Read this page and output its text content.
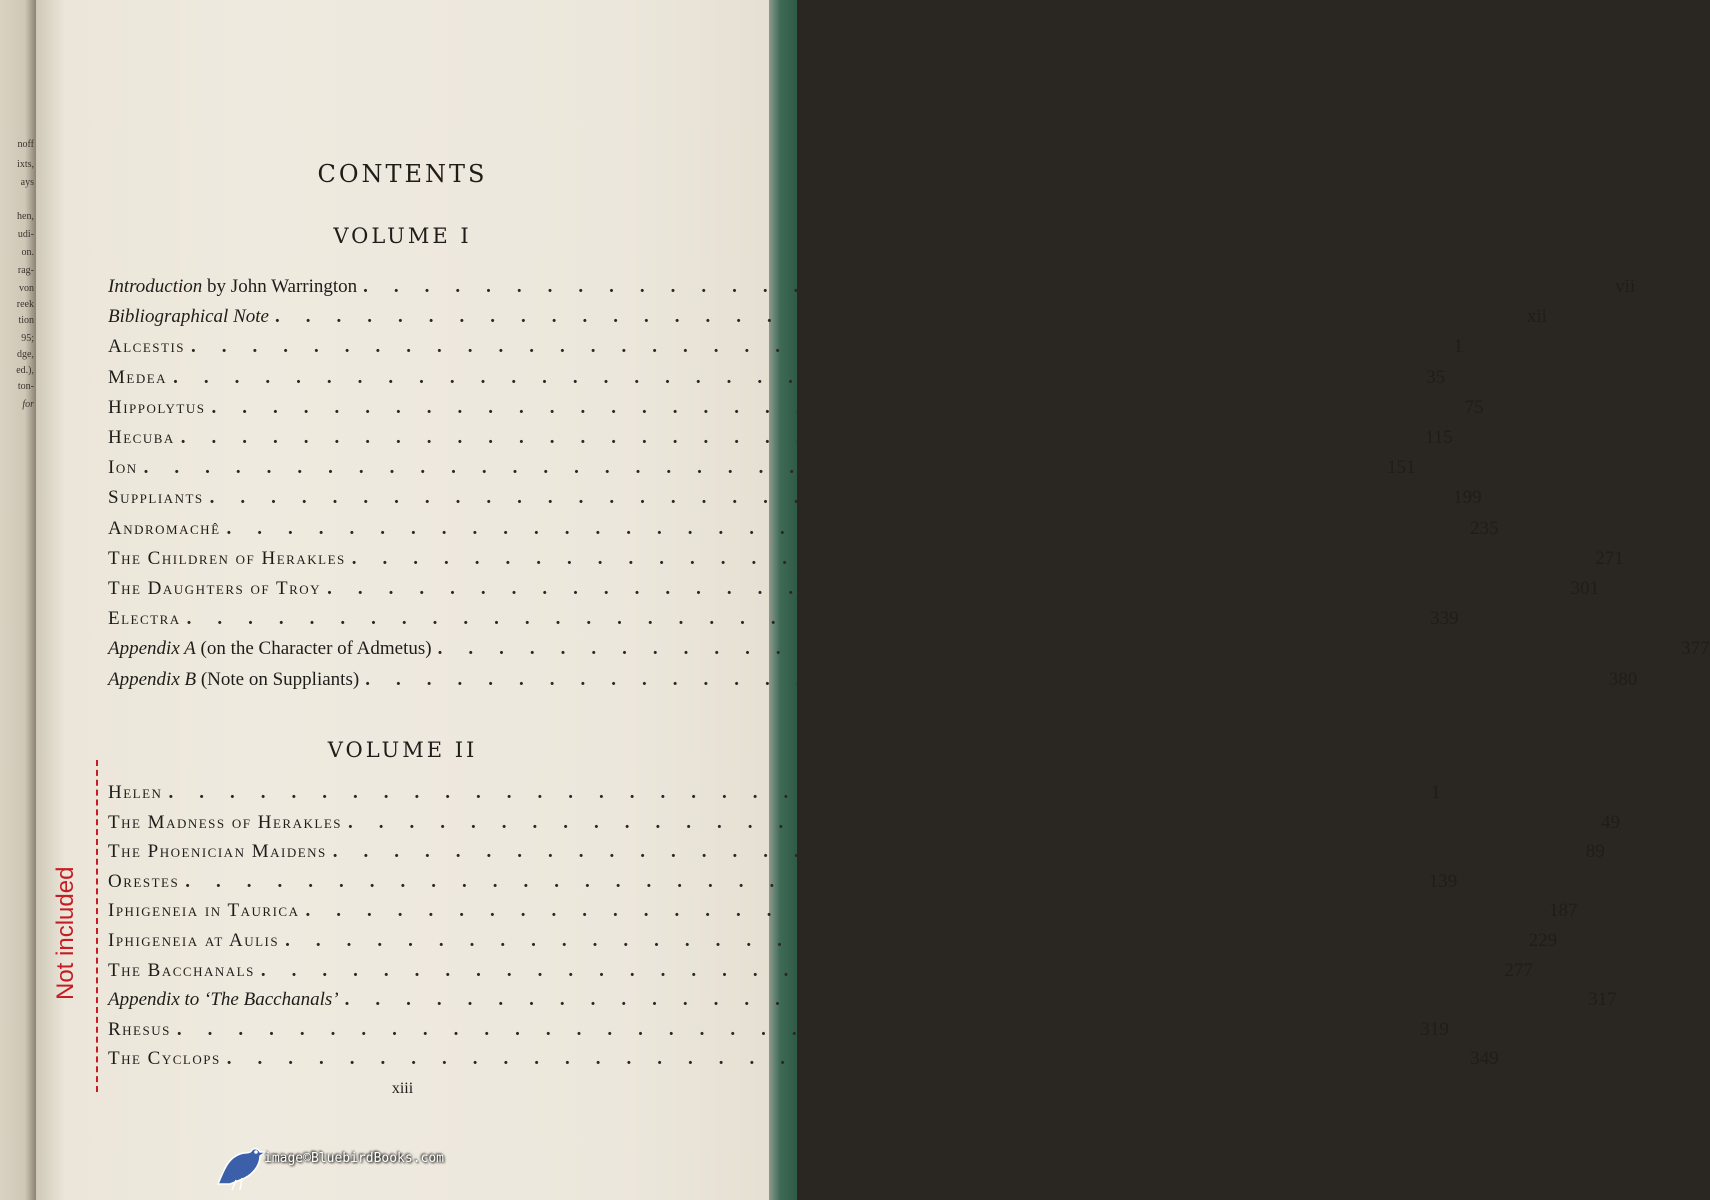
noff
ixts,
ays
hen,
udi-
on.
rag-
von
reek
tion
95;
dge,
ed.),
ton-
for
CONTENTS
VOLUME I
VOLUME II
Introduction by John Warrington ........................................	vii
Bibliographical Note ........................................	xii
Alcestis ........................................	1
Medea ........................................	35
Hippolytus ........................................	75
Hecuba ........................................ 115
Ion ........................................ 151
Suppliants ........................................ 199
Andromachê ........................................ 235
The Children of Herakles ........................................ 271
The Daughters of Troy ........................................ 301
Electra ........................................ 339
Appendix A (on the Character of Admetus) ........................................ 377
Appendix B (Note on Suppliants) ........................................ 380
Helen ........................................	1
The Madness of Herakles ........................................	49
The Phoenician Maidens ........................................	89
Orestes ........................................ 139
Iphigeneia in Taurica ........................................ 187
Iphigeneia at Aulis ........................................ 229
The Bacchanals ........................................ 277
Appendix to ‘The Bacchanals’ ........................................ 317
Rhesus ........................................ 319
The Cyclops ........................................ 349
xiii
Not included
image©BluebirdBooks.com
